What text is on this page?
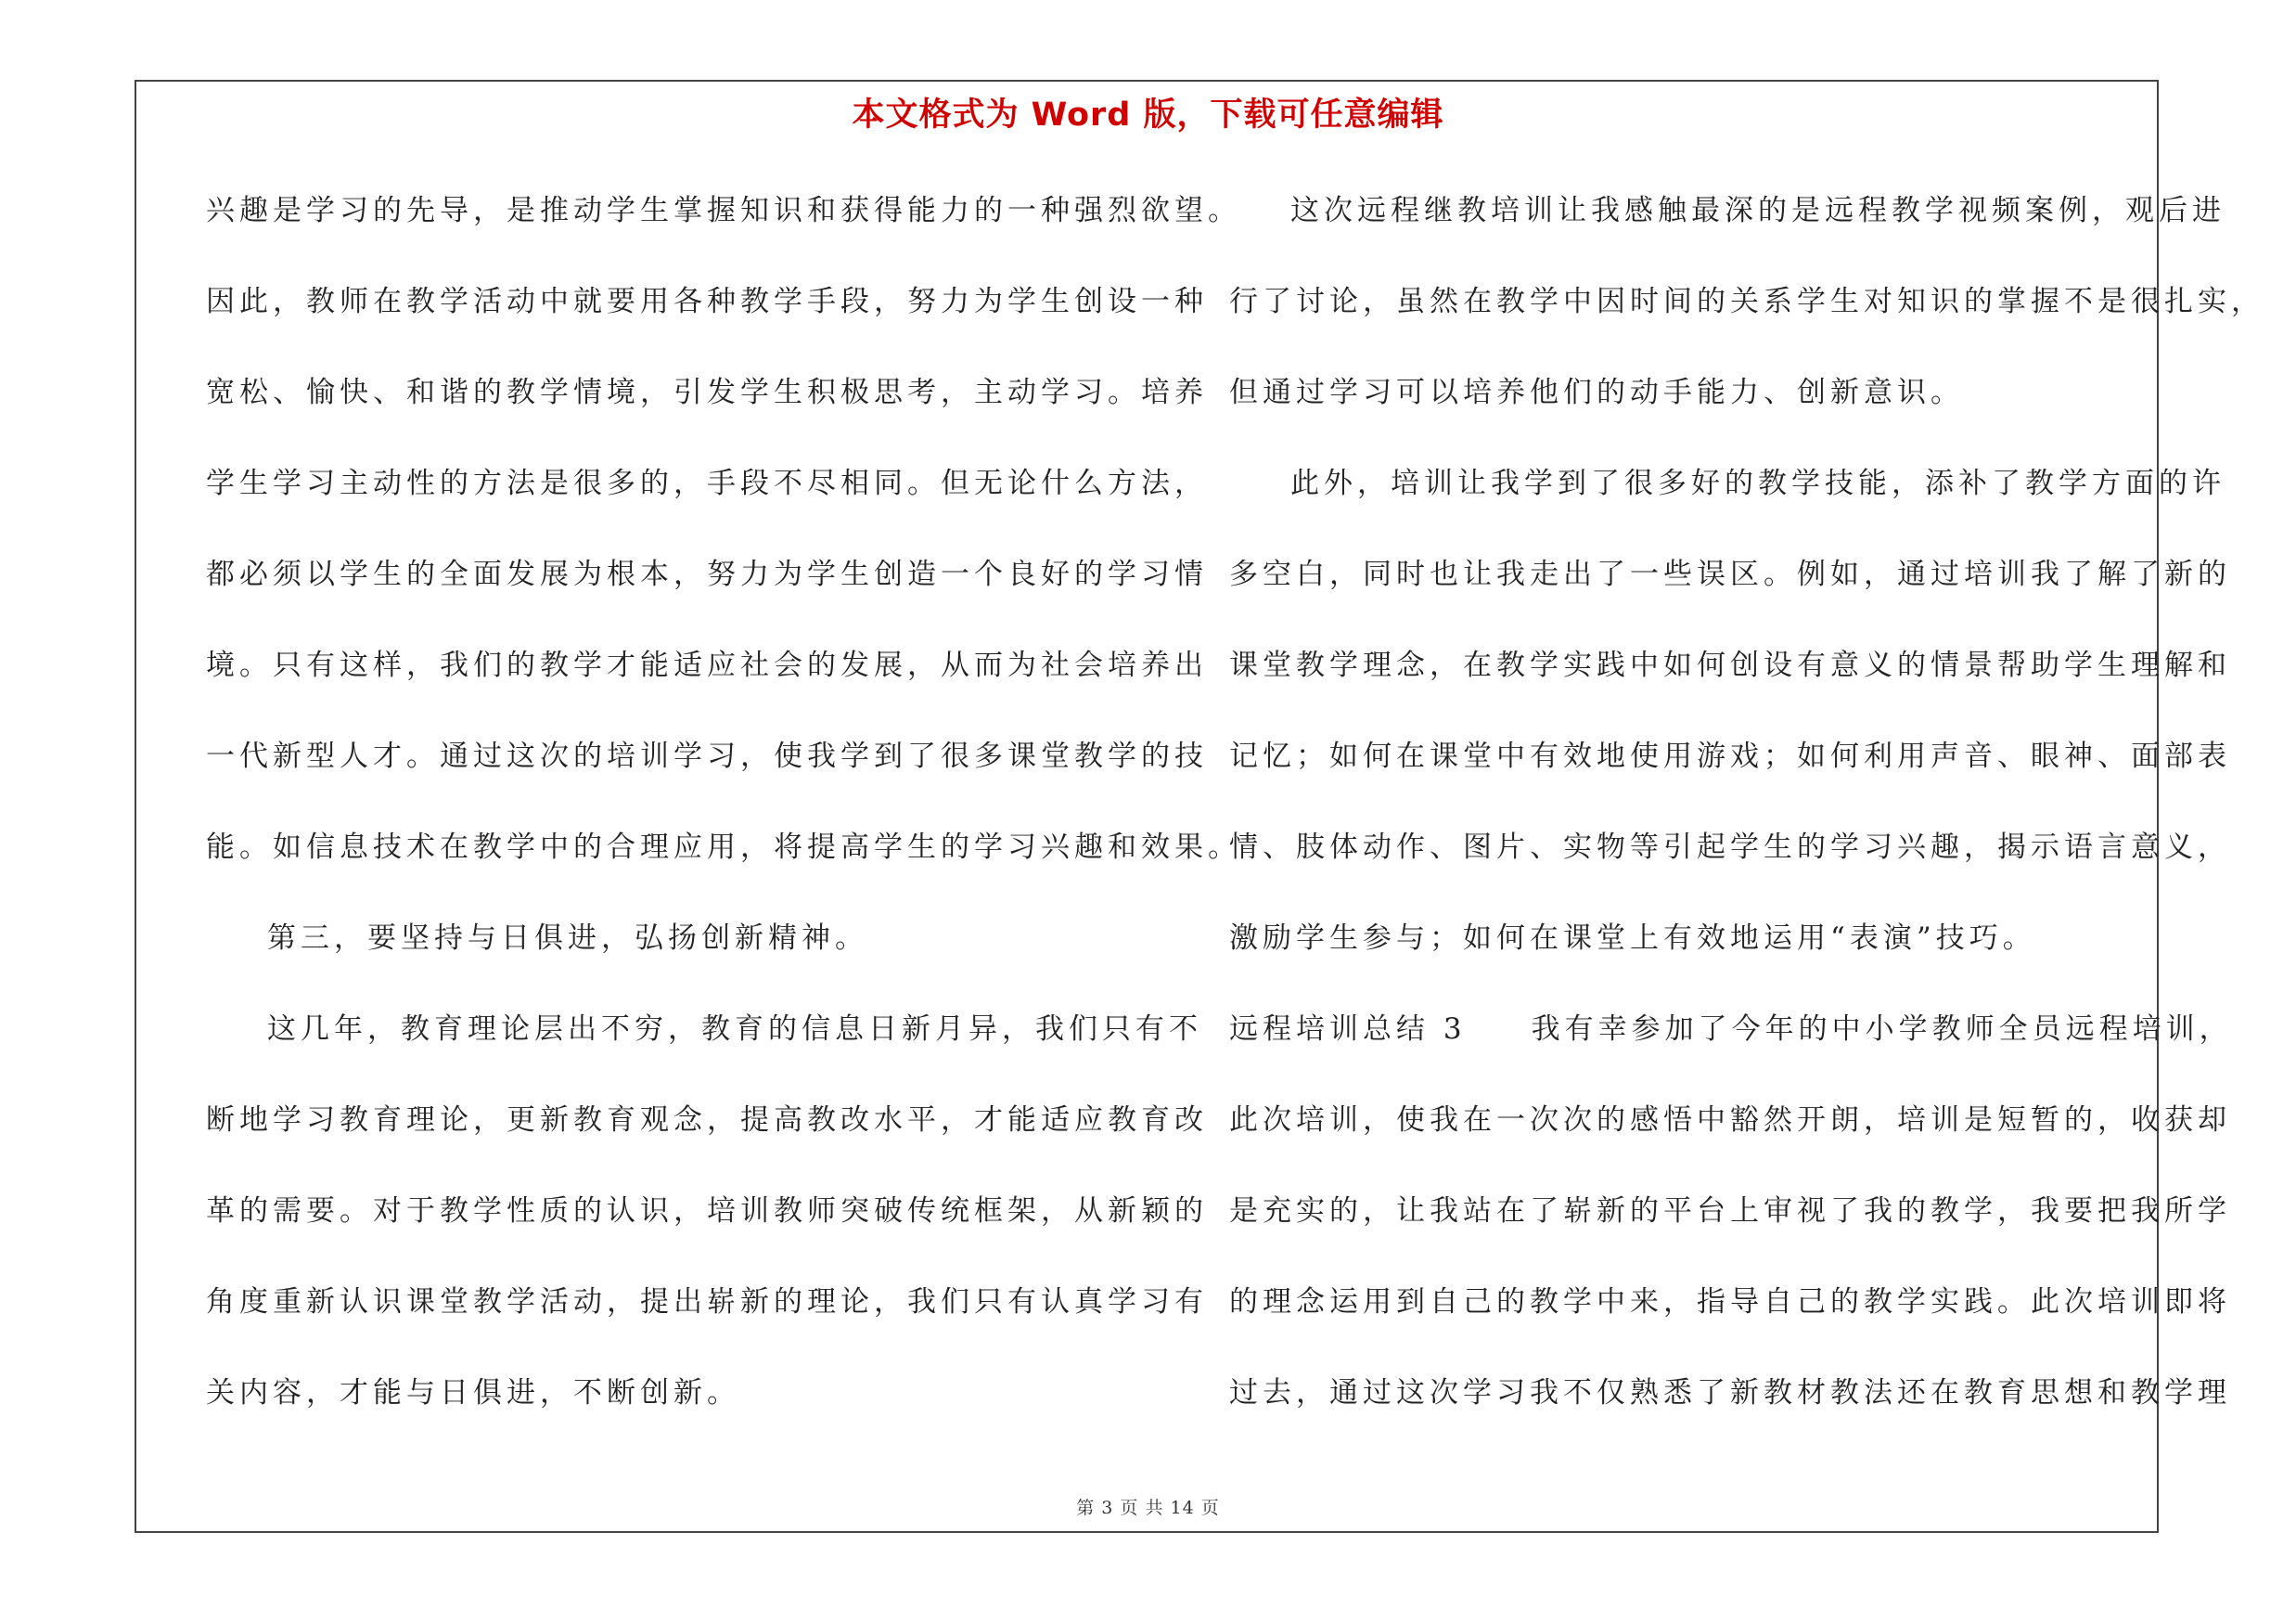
本文格式为 Word 版，下载可任意编辑
兴趣是学习的先导，是推动学生掌握知识和获得能力的一种强烈欲望。
因此，教师在教学活动中就要用各种教学手段，努力为学生创设一种
宽松、愉快、和谐的教学情境，引发学生积极思考，主动学习。培养
学生学习主动性的方法是很多的，手段不尽相同。但无论什么方法，
都必须以学生的全面发展为根本，努力为学生创造一个良好的学习情
境。只有这样，我们的教学才能适应社会的发展，从而为社会培养出
一代新型人才。通过这次的培训学习，使我学到了很多课堂教学的技
能。如信息技术在教学中的合理应用，将提高学生的学习兴趣和效果。
第三，要坚持与日俱进，弘扬创新精神。
这几年，教育理论层出不穷，教育的信息日新月异，我们只有不
断地学习教育理论，更新教育观念，提高教改水平，才能适应教育改
革的需要。对于教学性质的认识，培训教师突破传统框架，从新颖的
角度重新认识课堂教学活动，提出崭新的理论，我们只有认真学习有
关内容，才能与日俱进，不断创新。
这次远程继教培训让我感触最深的是远程教学视频案例，观后进
行了讨论，虽然在教学中因时间的关系学生对知识的掌握不是很扎实，
但通过学习可以培养他们的动手能力、创新意识。
此外，培训让我学到了很多好的教学技能，添补了教学方面的许
多空白，同时也让我走出了一些误区。例如，通过培训我了解了新的
课堂教学理念，在教学实践中如何创设有意义的情景帮助学生理解和
记忆；如何在课堂中有效地使用游戏；如何利用声音、眼神、面部表
情、肢体动作、图片、实物等引起学生的学习兴趣，揭示语言意义，
激励学生参与；如何在课堂上有效地运用“表演”技巧。
远程培训总结 3 我有幸参加了今年的中小学教师全员远程培训，
此次培训，使我在一次次的感悟中豁然开朗，培训是短暂的，收获却
是充实的，让我站在了崭新的平台上审视了我的教学，我要把我所学
的理念运用到自己的教学中来，指导自己的教学实践。此次培训即将
过去，通过这次学习我不仅熟悉了新教材教法还在教育思想和教学理
第 3 页 共 14 页
